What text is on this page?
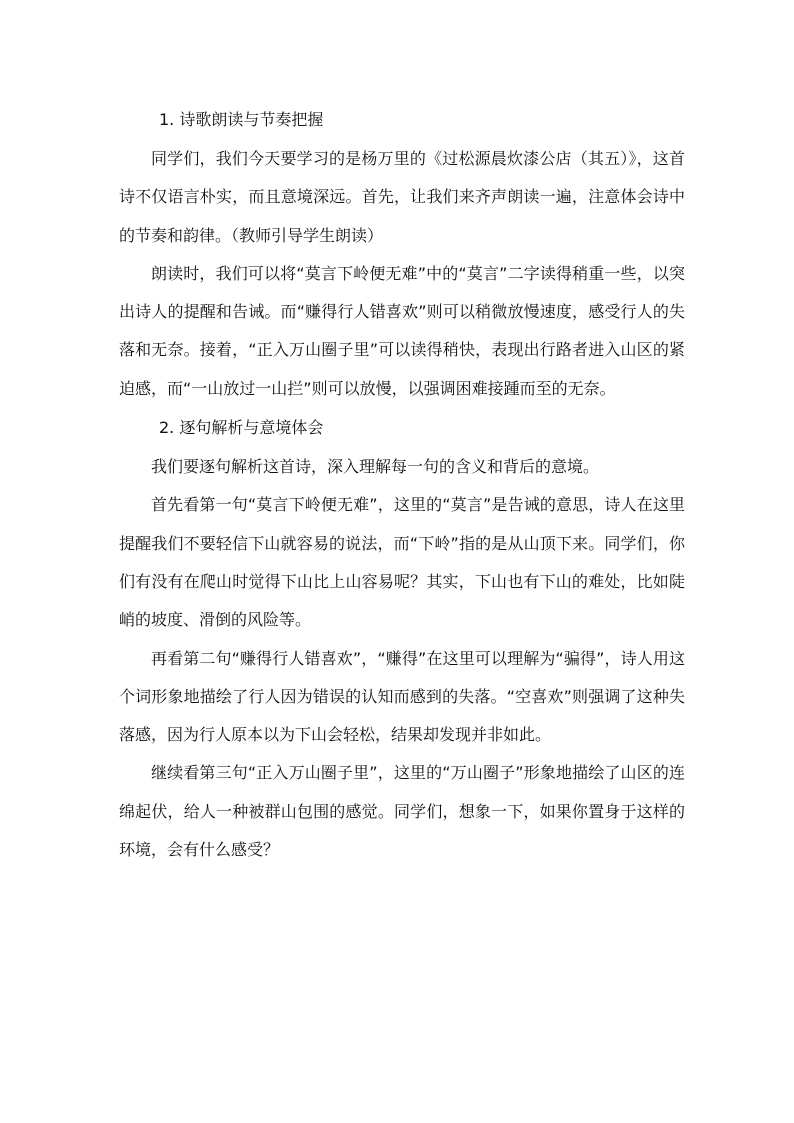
1. 诗歌朗读与节奏把握

同学们，我们今天要学习的是杨万里的《过松源晨炊漆公店（其五）》，这首诗不仅语言朴实，而且意境深远。首先，让我们来齐声朗读一遍，注意体会诗中的节奏和韵律。（教师引导学生朗读）

朗读时，我们可以将“莫言下岭便无难”中的“莫言”二字读得稍重一些，以突出诗人的提醒和告诫。而“赚得行人错喜欢”则可以稍微放慢速度，感受行人的失落和无奈。接着，“正入万山圈子里”可以读得稍快，表现出行路者进入山区的紧迫感，而“一山放过一山拦”则可以放慢，以强调困难接踵而至的无奈。

2. 逐句解析与意境体会

我们要逐句解析这首诗，深入理解每一句的含义和背后的意境。

首先看第一句“莫言下岭便无难”，这里的“莫言”是告诫的意思，诗人在这里提醒我们不要轻信下山就容易的说法，而“下岭”指的是从山顶下来。同学们，你们有没有在爬山时觉得下山比上山容易呢？其实，下山也有下山的难处，比如陡峭的坡度、滑倒的风险等。

再看第二句“赚得行人错喜欢”，“赚得”在这里可以理解为“骗得”，诗人用这个词形象地描绘了行人因为错误的认知而感到的失落。“空喜欢”则强调了这种失落感，因为行人原本以为下山会轻松，结果却发现并非如此。

继续看第三句“正入万山圈子里”，这里的“万山圈子”形象地描绘了山区的连绵起伏，给人一种被群山包围的感觉。同学们，想象一下，如果你置身于这样的环境，会有什么感受？
